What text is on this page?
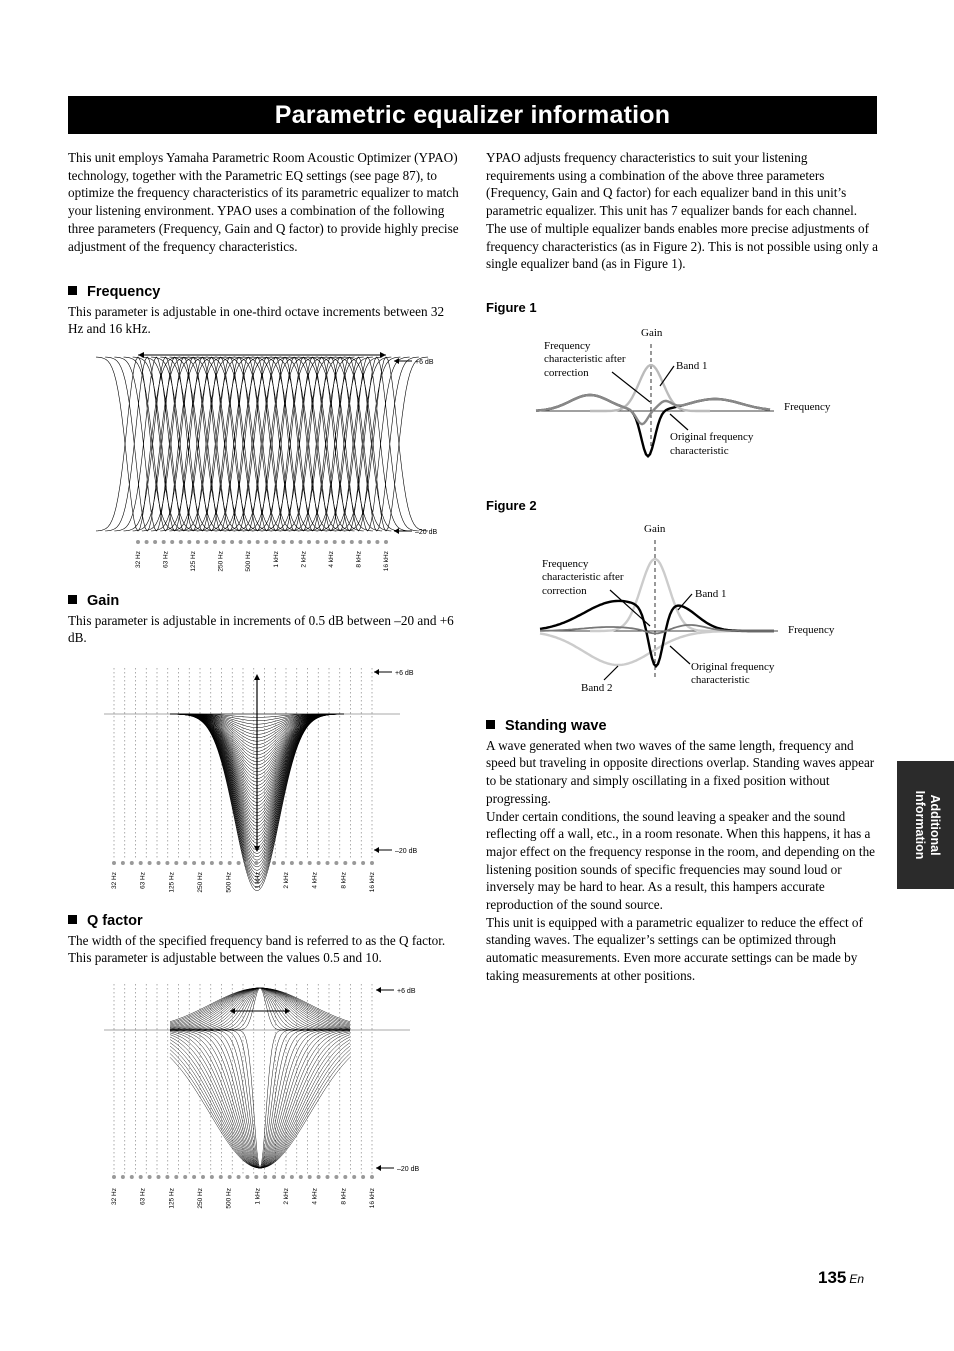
Parametric equalizer information

This unit employs Yamaha Parametric Room Acoustic Optimizer (YPAO) technology, together with the Parametric EQ settings (see page 87), to optimize the frequency characteristics of its parametric equalizer to match your listening environment. YPAO uses a combination of the following three parameters (Frequency, Gain and Q factor) to provide highly precise adjustment of the frequency characteristics.

Frequency

This parameter is adjustable in one-third octave increments between 32 Hz and 16 kHz.

+6 dB
–20 dB
32 Hz	63 Hz	125 Hz	250 Hz	500 Hz	1 kHz	2 kHz	4 kHz	8 kHz	16 kHz
Gain

This parameter is adjustable in increments of 0.5 dB between –20 and +6 dB.

+6 dB
–20 dB
32 Hz	63 Hz	125 Hz	250 Hz	500 Hz	1 kHz	2 kHz	4 kHz	8 kHz	16 kHz
Q factor

The width of the specified frequency band is referred to as the Q factor. This parameter is adjustable between the values 0.5 and 10.

+6 dB
–20 dB
32 Hz	63 Hz	125 Hz	250 Hz	500 Hz	1 kHz	2 kHz	4 kHz	8 kHz	16 kHz

YPAO adjusts frequency characteristics to suit your listening requirements using a combination of the above three parameters (Frequency, Gain and Q factor) for each equalizer band in this unit’s parametric equalizer. This unit has 7 equalizer bands for each channel.

The use of multiple equalizer bands enables more precise adjustments of frequency characteristics (as in Figure 2). This is not possible using only a single equalizer band (as in Figure 1).

Figure 1
Gain
Frequency
Frequency
characteristic after
correction
Band 1
Original frequency
characteristic
Figure 2
Gain
Frequency
Frequency
characteristic after
correction	Band 1
Band 2
Original frequency
characteristic
Standing wave

A wave generated when two waves of the same length, frequency and speed but traveling in opposite directions overlap. Standing waves appear to be stationary and simply oscillating in a fixed position without progressing.

Under certain conditions, the sound leaving a speaker and the sound reflecting off a wall, etc., in a room resonate. When this happens, it has a major effect on the frequency response in the room, and depending on the listening position sounds of specific frequencies may sound loud or inversely may be hard to hear. As a result, this hampers accurate reproduction of the sound source.

This unit is equipped with a parametric equalizer to reduce the effect of standing waves. The equalizer’s settings can be optimized through automatic measurements. Even more accurate settings can be made by taking measurements at other positions.

Additional Information
135 En
